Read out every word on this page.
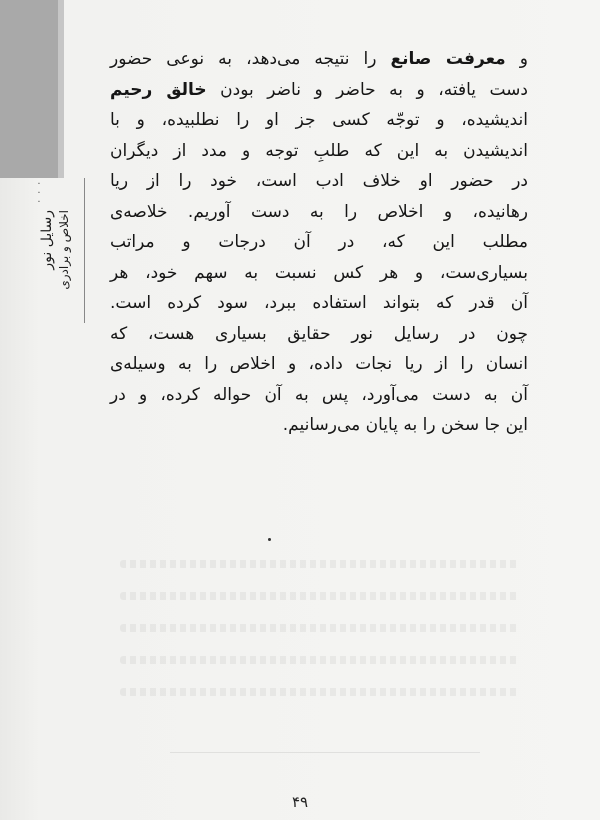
·
·
·
رسایل نور اخلاص و برادری
و معرفت صانع را نتیجه می‌دهد، به نوعی حضور
دست یافته، و به حاضر و ناضر بودن خالق رحیم
اندیشیده، و توجّه کسی جز او را نطلبیده، و با
اندیشیدن به این که طلبِ توجه و مدد از دیگران
در حضور او خلاف ادب است، خود را از ریا
رهانیده، و اخلاص را به دست آوریم. خلاصه‌ی
مطلب این که، در آن درجات و مراتب
بسیاری‌ست، و هر کس نسبت به سهم خود، هر
آن قدر که بتواند استفاده ببرد، سود کرده است.
چون در رسایل نور حقایق بسیاری هست، که
انسان را از ریا نجات داده، و اخلاص را به وسیله‌ی
آن به دست می‌آورد، پس به آن حواله کرده، و در
این جا سخن را به پایان می‌رسانیم.
۴۹
